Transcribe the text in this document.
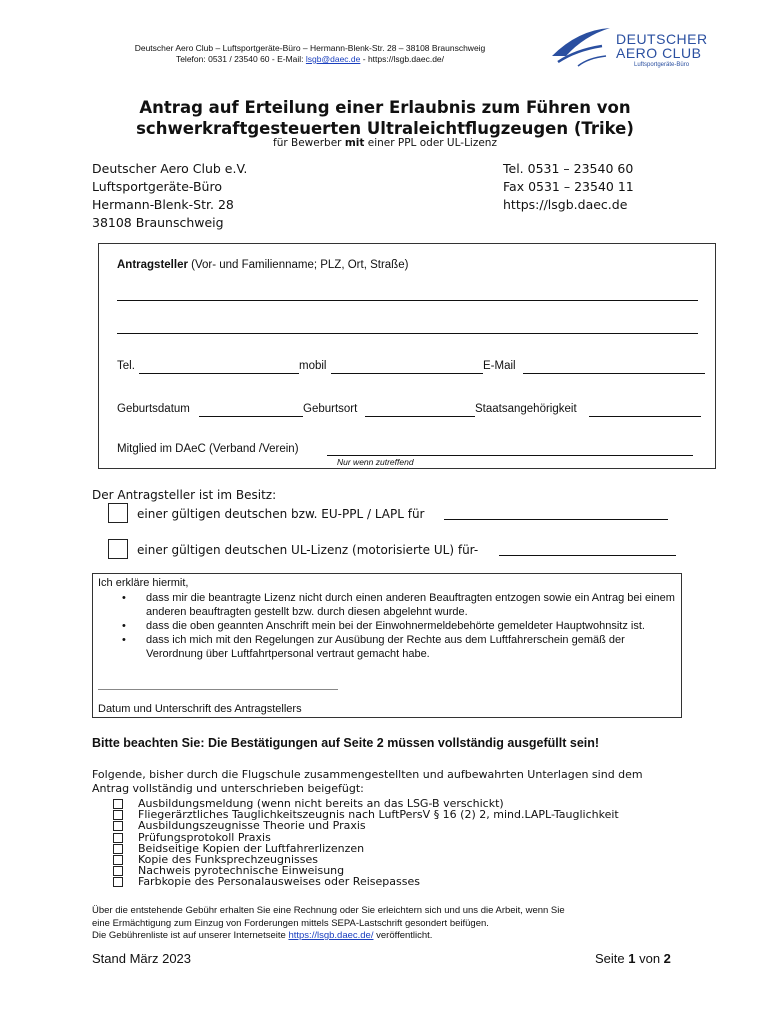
Deutscher Aero Club – Luftsportgeräte-Büro – Hermann-Blenk-Str. 28 – 38108 Braunschweig
Telefon: 0531 / 23540 60 - E-Mail: lsgb@daec.de - https://lsgb.daec.de/
DEUTSCHER
AERO CLUB
Luftsportgeräte-Büro
Antrag auf Erteilung einer Erlaubnis zum Führen von
schwerkraftgesteuerten Ultraleichtflugzeugen (Trike)
für Bewerber mit einer PPL oder UL-Lizenz
Deutscher Aero Club e.V.
Luftsportgeräte-Büro
Hermann-Blenk-Str. 28
38108 Braunschweig
Tel. 0531 – 23540 60
Fax 0531 – 23540 11
https://lsgb.daec.de
Antragsteller (Vor- und Familienname; PLZ, Ort, Straße)
Tel.	mobil	E-Mail
Geburtsdatum	Geburtsort	Staatsangehörigkeit
Mitglied im DAeC (Verband /Verein)
Nur wenn zutreffend
Der Antragsteller ist im Besitz:
einer gültigen deutschen bzw. EU-PPL / LAPL für
einer gültigen deutschen UL-Lizenz (motorisierte UL) für-
Ich erkläre hiermit,
• dass mir die beantragte Lizenz nicht durch einen anderen Beauftragten entzogen sowie ein Antrag bei einem anderen beauftragten gestellt bzw. durch diesen abgelehnt wurde.
• dass die oben geannten Anschrift mein bei der Einwohnermeldebehörte gemeldeter Hauptwohnsitz ist.
• dass ich mich mit den Regelungen zur Ausübung der Rechte aus dem Luftfahrerschein gemäß der Verordnung über Luftfahrtpersonal vertraut gemacht habe.
Datum und Unterschrift des Antragstellers
Bitte beachten Sie: Die Bestätigungen auf Seite 2 müssen vollständig ausgefüllt sein!
Folgende, bisher durch die Flugschule zusammengestellten und aufbewahrten Unterlagen sind dem
Antrag vollständig und unterschrieben beigefügt:
Ausbildungsmeldung (wenn nicht bereits an das LSG-B verschickt)
Fliegerärztliches Tauglichkeitszeugnis nach LuftPersV § 16 (2) 2, mind.LAPL-Tauglichkeit
Ausbildungszeugnisse Theorie und Praxis
Prüfungsprotokoll Praxis
Beidseitige Kopien der Luftfahrerlizenzen
Kopie des Funksprechzeugnisses
Nachweis pyrotechnische Einweisung
Farbkopie des Personalausweises oder Reisepasses
Über die entstehende Gebühr erhalten Sie eine Rechnung oder Sie erleichtern sich und uns die Arbeit, wenn Sie
eine Ermächtigung zum Einzug von Forderungen mittels SEPA-Lastschrift gesondert beifügen.
Die Gebührenliste ist auf unserer Internetseite https://lsgb.daec.de/ veröffentlicht.
Stand März 2023	Seite 1 von 2
